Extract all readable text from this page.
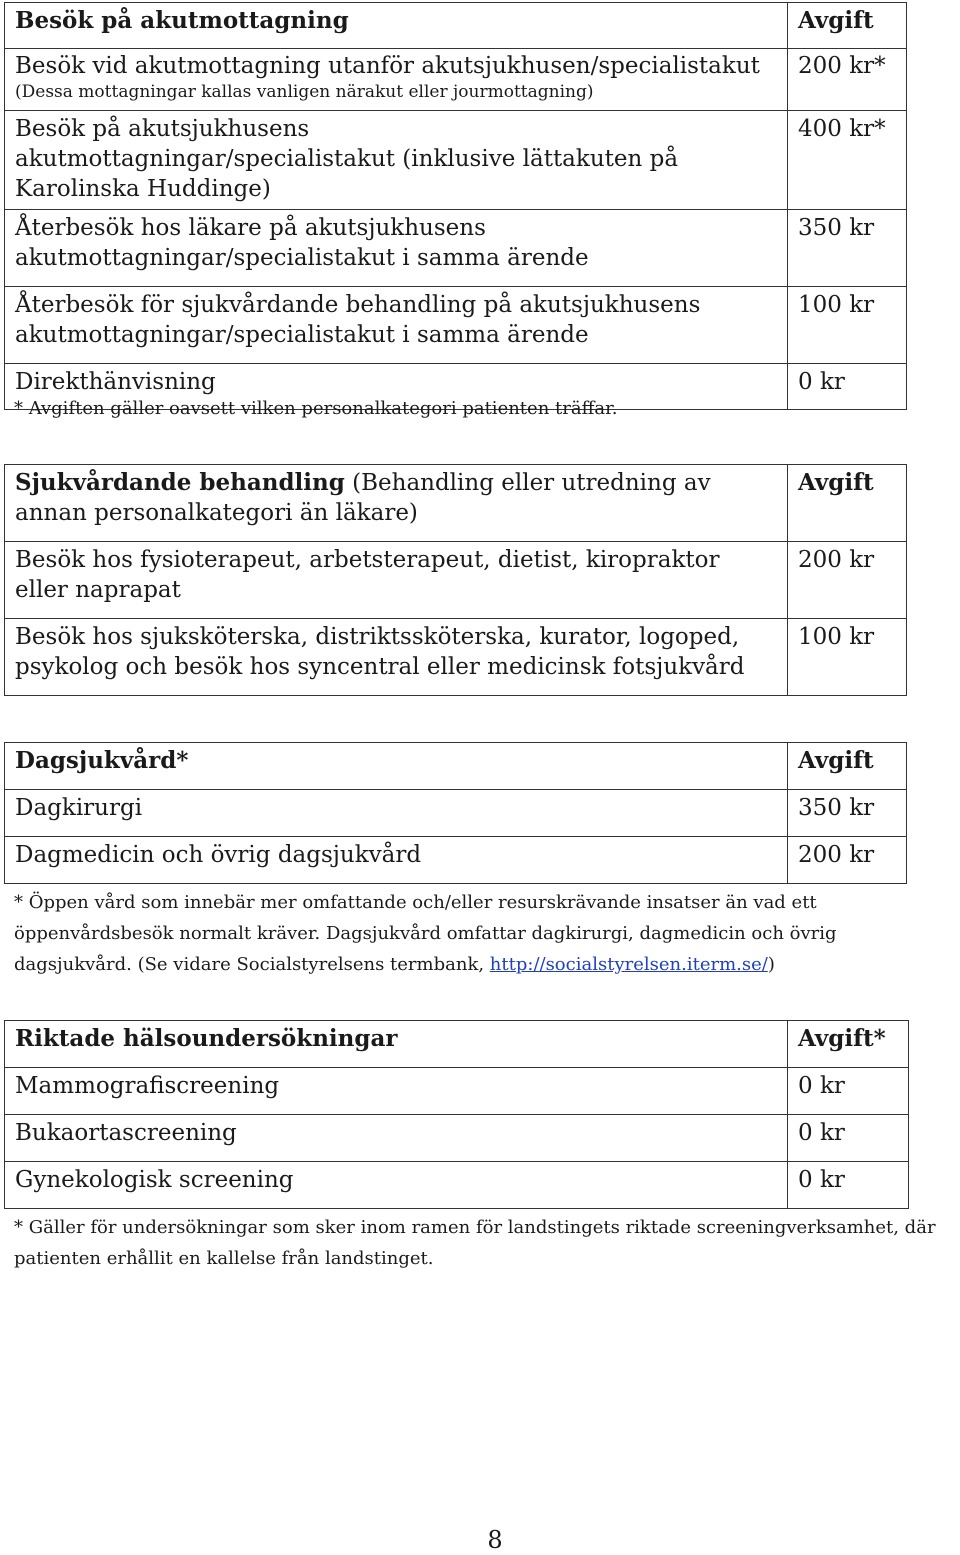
Besök på akutmottagning	Avgift

Besök vid akutmottagning utanför akutsjukhusen/specialistakut
(Dessa mottagningar kallas vanligen närakut eller jourmottagning)	200 kr*
Besök på akutsjukhusens akutmottagningar/specialistakut (inklusive lättakuten på Karolinska Huddinge)	400 kr*
Återbesök hos läkare på akutsjukhusens akutmottagningar/specialistakut i samma ärende	350 kr
Återbesök för sjukvårdande behandling på akutsjukhusens akutmottagningar/specialistakut i samma ärende	100 kr
Direkthänvisning	0 kr
* Avgiften gäller oavsett vilken personalkategori patienten träffar.
Sjukvårdande behandling (Behandling eller utredning av annan personalkategori än läkare)	Avgift
Besök hos fysioterapeut, arbetsterapeut, dietist, kiropraktor eller naprapat	200 kr
Besök hos sjuksköterska, distriktssköterska, kurator, logoped, psykolog och besök hos syncentral eller medicinsk fotsjukvård	100 kr
Dagsjukvård*	Avgift
Dagkirurgi	350 kr
Dagmedicin och övrig dagsjukvård	200 kr
* Öppen vård som innebär mer omfattande och/eller resurskrävande insatser än vad ett öppenvårdsbesök normalt kräver. Dagsjukvård omfattar dagkirurgi, dagmedicin och övrig dagsjukvård. (Se vidare Socialstyrelsens termbank, http://socialstyrelsen.iterm.se/)
Riktade hälsoundersökningar	Avgift*
Mammografiscreening	0 kr
Bukaortascreening	0 kr
Gynekologisk screening	0 kr
* Gäller för undersökningar som sker inom ramen för landstingets riktade screeningverksamhet, där patienten erhållit en kallelse från landstinget.
8
